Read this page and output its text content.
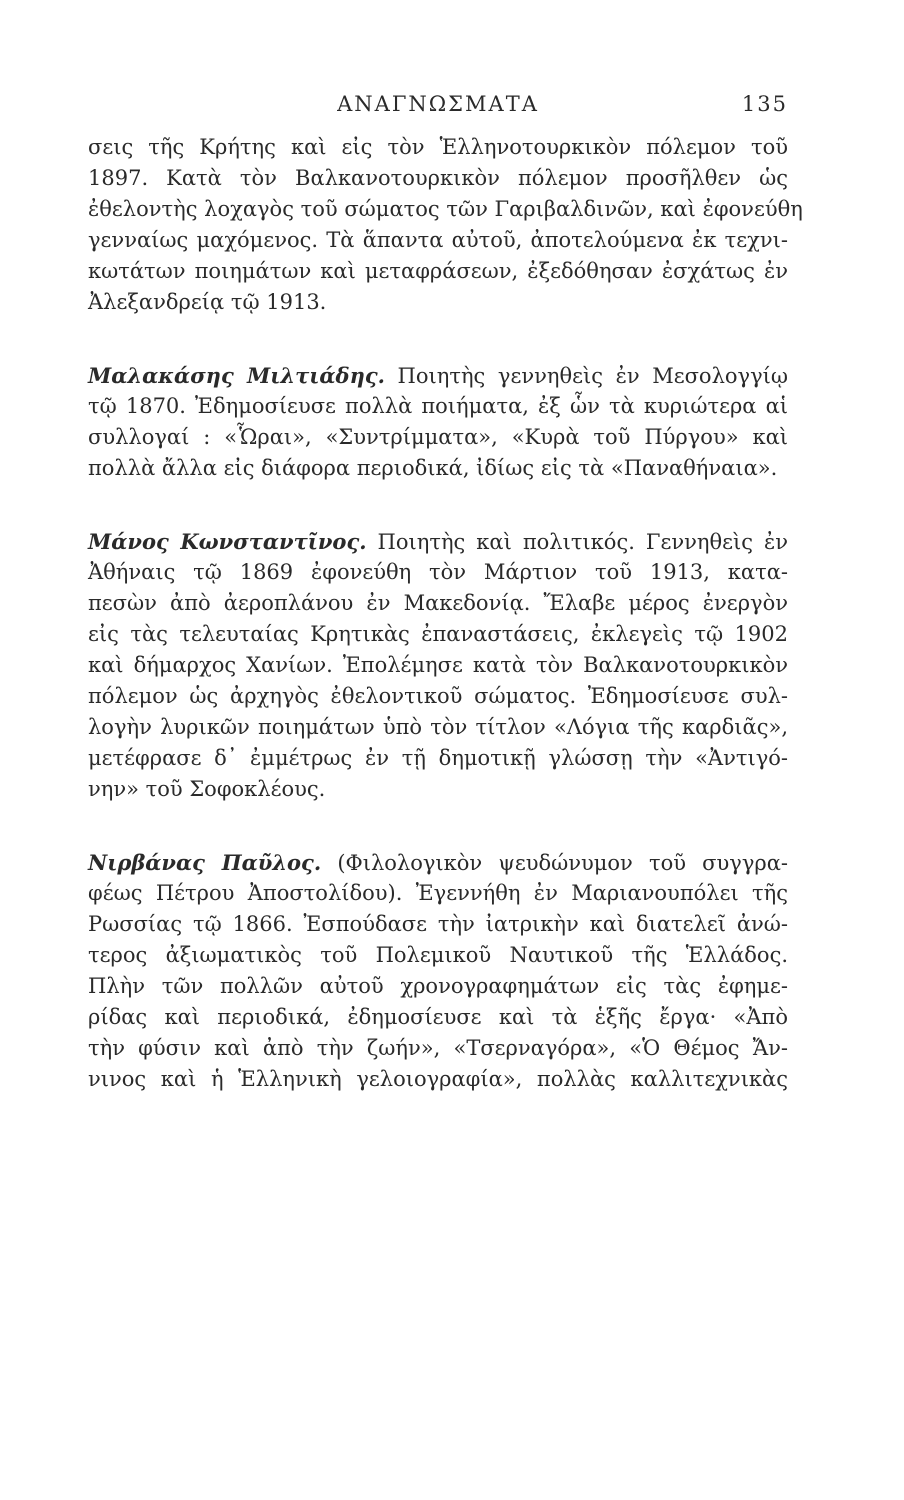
ΑΝΑΓΝΩΣΜΑΤΑ	135
σεις τῆς Κρήτης καὶ εἰς τὸν Ἑλληνοτουρκικὸν πόλεμον τοῦ
1897. Κατὰ τὸν Βαλκανοτουρκικὸν πόλεμον προσῆλθεν ὡς
ἐθελοντὴς λοχαγὸς τοῦ σώματος τῶν Γαριβαλδινῶν, καὶ ἐφονεύθη
γενναίως μαχόμενος. Τὰ ἅπαντα αὐτοῦ, ἀποτελούμενα ἐκ τεχνι-
κωτάτων ποιημάτων καὶ μεταφράσεων, ἐξεδόθησαν ἐσχάτως ἐν
Ἀλεξανδρείᾳ τῷ 1913.
Μαλακάσης Μιλτιάδης. Ποιητὴς γεννηθεὶς ἐν Μεσολογγίῳ
τῷ 1870. Ἐδημοσίευσε πολλὰ ποιήματα, ἐξ ὧν τὰ κυριώτερα αἱ
συλλογαί : «Ὧραι», «Συντρίμματα», «Κυρὰ τοῦ Πύργου» καὶ
πολλὰ ἄλλα εἰς διάφορα περιοδικά, ἰδίως εἰς τὰ «Παναθήναια».
Μάνος Κωνσταντῖνος. Ποιητὴς καὶ πολιτικός. Γεννηθεὶς ἐν
Ἀθήναις τῷ 1869 ἐφονεύθη τὸν Μάρτιον τοῦ 1913, κατα-
πεσὼν ἀπὸ ἀεροπλάνου ἐν Μακεδονίᾳ. Ἔλαβε μέρος ἐνεργὸν
εἰς τὰς τελευταίας Κρητικὰς ἐπαναστάσεις, ἐκλεγεὶς τῷ 1902
καὶ δήμαρχος Χανίων. Ἐπολέμησε κατὰ τὸν Βαλκανοτουρκικὸν
πόλεμον ὡς ἀρχηγὸς ἐθελοντικοῦ σώματος. Ἐδημοσίευσε συλ-
λογὴν λυρικῶν ποιημάτων ὑπὸ τὸν τίτλον «Λόγια τῆς καρδιᾶς»,
μετέφρασε δ᾿ ἐμμέτρως ἐν τῇ δημοτικῇ γλώσσῃ τὴν «Ἀντιγό-
νην» τοῦ Σοφοκλέους.
Νιρβάνας Παῦλος. (Φιλολογικὸν ψευδώνυμον τοῦ συγγρα-
φέως Πέτρου Ἀποστολίδου). Ἐγεννήθη ἐν Μαριανουπόλει τῆς
Ρωσσίας τῷ 1866. Ἐσπούδασε τὴν ἰατρικὴν καὶ διατελεῖ ἀνώ-
τερος ἀξιωματικὸς τοῦ Πολεμικοῦ Ναυτικοῦ τῆς Ἑλλάδος.
Πλὴν τῶν πολλῶν αὐτοῦ χρονογραφημάτων εἰς τὰς ἐφημε-
ρίδας καὶ περιοδικά, ἐδημοσίευσε καὶ τὰ ἑξῆς ἔργα· «Ἀπὸ
τὴν φύσιν καὶ ἀπὸ τὴν ζωήν», «Τσερναγόρα», «Ὁ Θέμος Ἄν-
νινος καὶ ἡ Ἑλληνικὴ γελοιογραφία», πολλὰς καλλιτεχνικὰς
